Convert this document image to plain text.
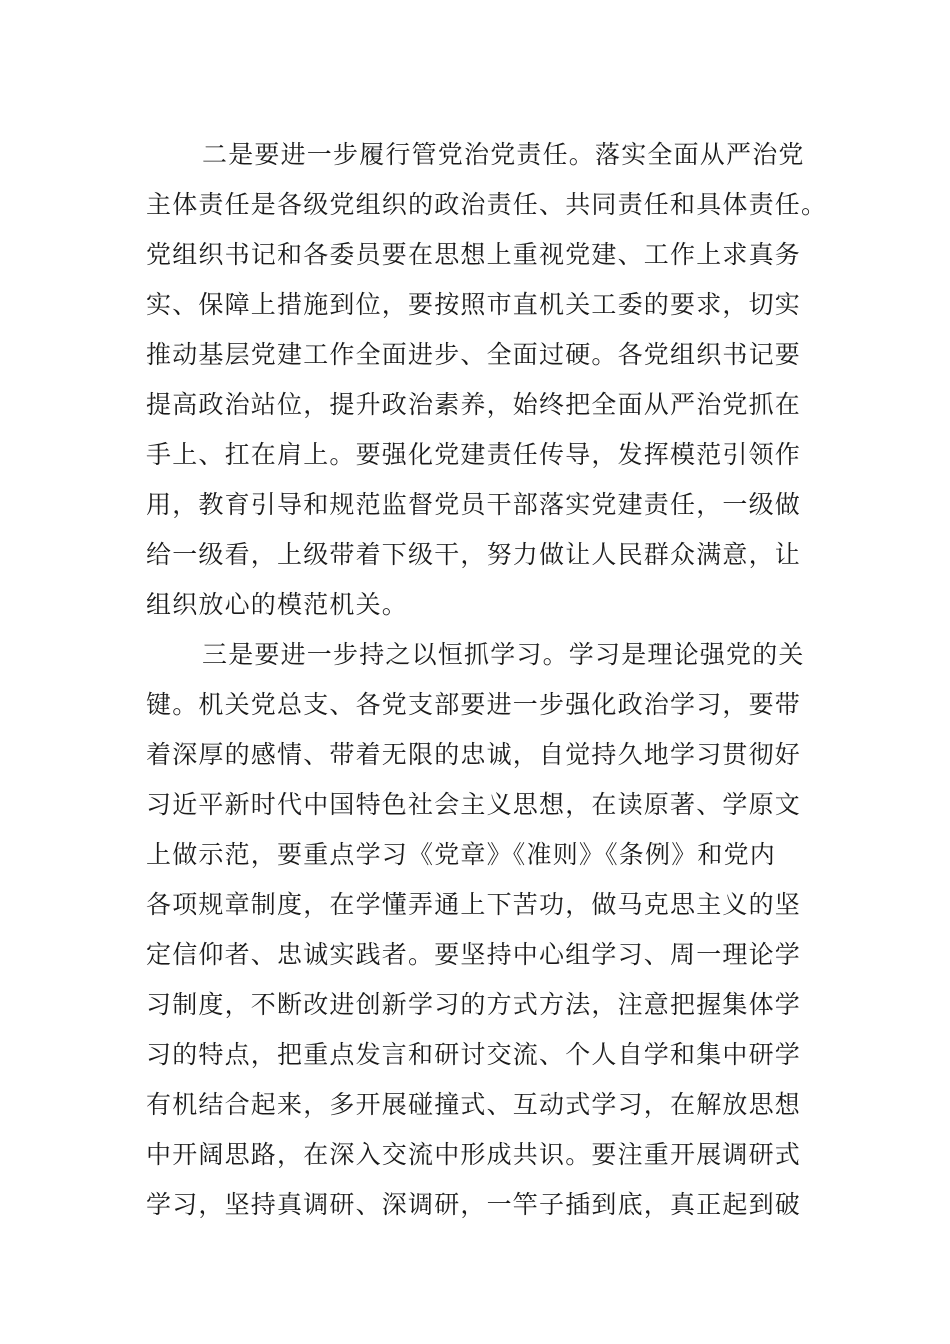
二是要进一步履行管党治党责任。落实全面从严治党
主体责任是各级党组织的政治责任、共同责任和具体责任。
党组织书记和各委员要在思想上重视党建、工作上求真务
实、保障上措施到位，要按照市直机关工委的要求，切实
推动基层党建工作全面进步、全面过硬。各党组织书记要
提高政治站位，提升政治素养，始终把全面从严治党抓在
手上、扛在肩上。要强化党建责任传导，发挥模范引领作
用，教育引导和规范监督党员干部落实党建责任，一级做
给一级看，上级带着下级干，努力做让人民群众满意，让
组织放心的模范机关。
三是要进一步持之以恒抓学习。学习是理论强党的关
键。机关党总支、各党支部要进一步强化政治学习，要带
着深厚的感情、带着无限的忠诚，自觉持久地学习贯彻好
习近平新时代中国特色社会主义思想，在读原著、学原文
上做示范，要重点学习《党章》《准则》《条例》和党内
各项规章制度，在学懂弄通上下苦功，做马克思主义的坚
定信仰者、忠诚实践者。要坚持中心组学习、周一理论学
习制度，不断改进创新学习的方式方法，注意把握集体学
习的特点，把重点发言和研讨交流、个人自学和集中研学
有机结合起来，多开展碰撞式、互动式学习，在解放思想
中开阔思路，在深入交流中形成共识。要注重开展调研式
学习，坚持真调研、深调研，一竿子插到底，真正起到破
